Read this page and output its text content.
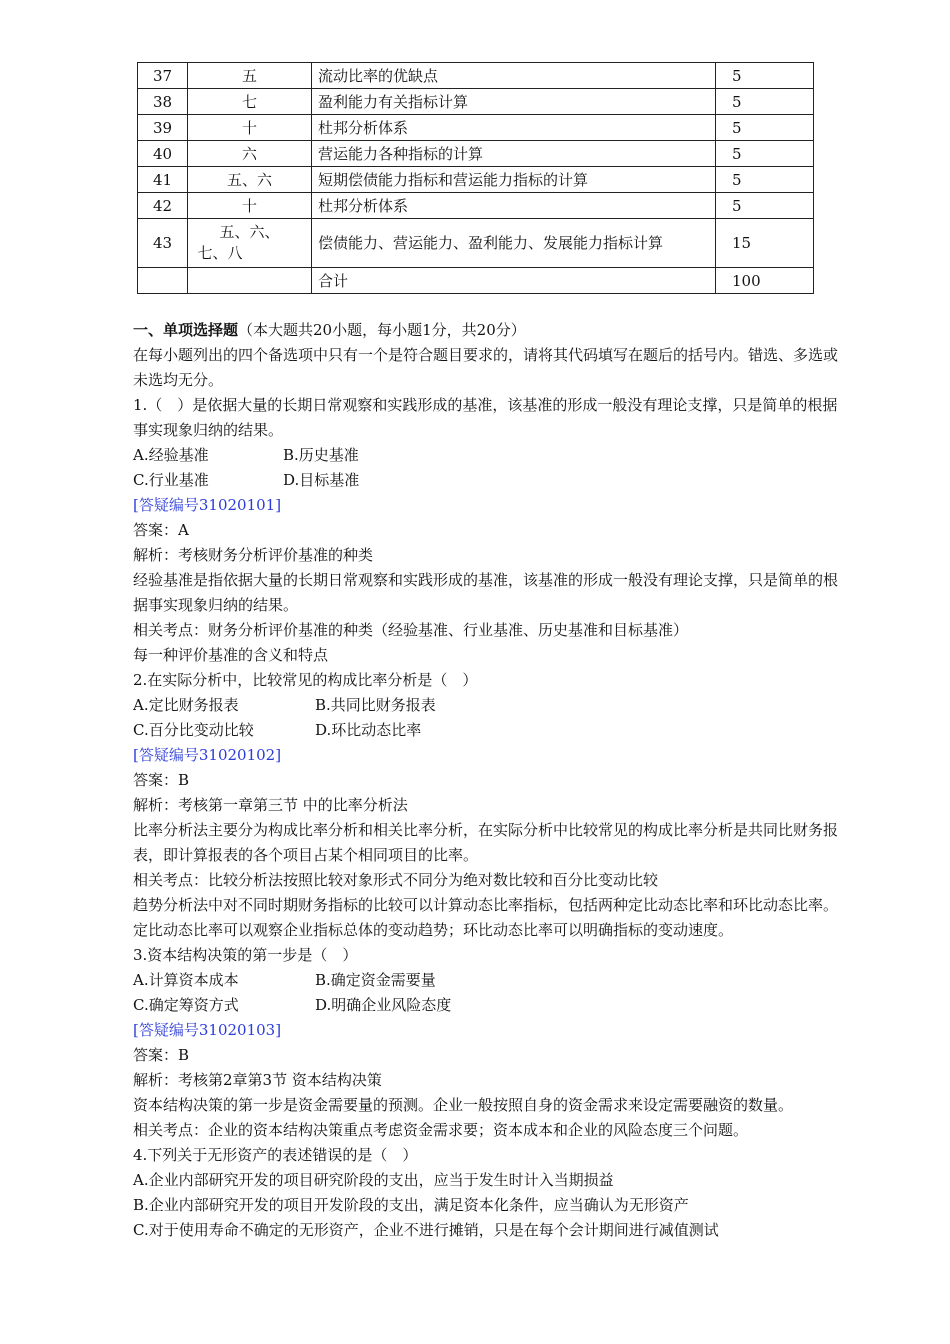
37	五	流动比率的优缺点	5
38	七	盈利能力有关指标计算	5
39	十	杜邦分析体系	5
40	六	营运能力各种指标的计算	5
41	五、六	短期偿债能力指标和营运能力指标的计算	5
42	十	杜邦分析体系	5
43	五、六、
七、八	偿债能力、营运能力、盈利能力、发展能力指标计算	15
		合计	100
一、单项选择题（本大题共20小题，每小题1分，共20分）
在每小题列出的四个备选项中只有一个是符合题目要求的，请将其代码填写在题后的括号内。错选、多选或未选均无分。
1.（　）是依据大量的长期日常观察和实践形成的基准，该基准的形成一般没有理论支撑，只是简单的根据事实现象归纳的结果。
A.经验基准	B.历史基准
C.行业基准	D.目标基准
[答疑编号31020101]
答案：A
解析：考核财务分析评价基准的种类
经验基准是指依据大量的长期日常观察和实践形成的基准，该基准的形成一般没有理论支撑，只是简单的根据事实现象归纳的结果。
相关考点：财务分析评价基准的种类（经验基准、行业基准、历史基准和目标基准）
每一种评价基准的含义和特点
2.在实际分析中，比较常见的构成比率分析是（　）
A.定比财务报表	B.共同比财务报表
C.百分比变动比较	D.环比动态比率
[答疑编号31020102]
答案：B
解析：考核第一章第三节 中的比率分析法
比率分析法主要分为构成比率分析和相关比率分析，在实际分析中比较常见的构成比率分析是共同比财务报表，即计算报表的各个项目占某个相同项目的比率。
相关考点：比较分析法按照比较对象形式不同分为绝对数比较和百分比变动比较
趋势分析法中对不同时期财务指标的比较可以计算动态比率指标，包括两种定比动态比率和环比动态比率。定比动态比率可以观察企业指标总体的变动趋势；环比动态比率可以明确指标的变动速度。
3.资本结构决策的第一步是（　）
A.计算资本成本	B.确定资金需要量
C.确定筹资方式	D.明确企业风险态度
[答疑编号31020103]
答案：B
解析：考核第2章第3节 资本结构决策
资本结构决策的第一步是资金需要量的预测。企业一般按照自身的资金需求来设定需要融资的数量。
相关考点：企业的资本结构决策重点考虑资金需求要；资本成本和企业的风险态度三个问题。
4.下列关于无形资产的表述错误的是（　）
A.企业内部研究开发的项目研究阶段的支出，应当于发生时计入当期损益
B.企业内部研究开发的项目开发阶段的支出，满足资本化条件，应当确认为无形资产
C.对于使用寿命不确定的无形资产，企业不进行摊销，只是在每个会计期间进行减值测试
